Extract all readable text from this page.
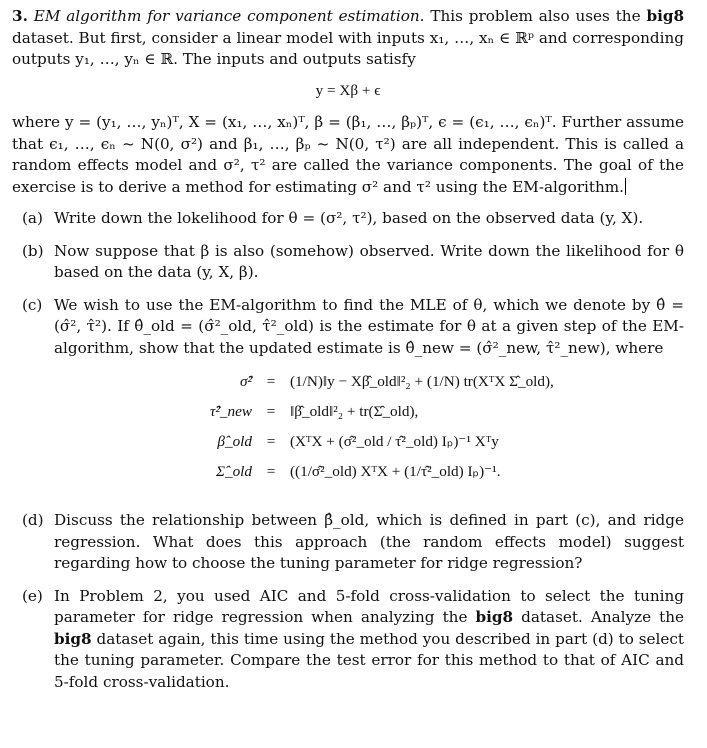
3. EM algorithm for variance component estimation. This problem also uses the big8 dataset. But first, consider a linear model with inputs x₁, …, xₙ ∈ ℝᵖ and corresponding outputs y₁, …, yₙ ∈ ℝ. The inputs and outputs satisfy

y = Xβ + ϵ

where y = (y₁, …, yₙ)ᵀ, X = (x₁, …, xₙ)ᵀ, β = (β₁, …, βₚ)ᵀ, ϵ = (ϵ₁, …, ϵₙ)ᵀ. Further assume that ϵ₁, …, ϵₙ ~ N(0, σ²) and β₁, …, βₚ ~ N(0, τ²) are all independent. This is called a random effects model and σ², τ² are called the variance components. The goal of the exercise is to derive a method for estimating σ² and τ² using the EM-algorithm.

(a) Write down the lokelihood for θ = (σ², τ²), based on the observed data (y, X).
(b) Now suppose that β is also (somehow) observed. Write down the likelihood for θ based on the data (y, X, β).
(c) We wish to use the EM-algorithm to find the MLE of θ, which we denote by θ̂ = (σ̂², τ̂²). If θ̂_old = (σ̂²_old, τ̂²_old) is the estimate for θ at a given step of the EM-algorithm, show that the updated estimate is θ̂_new = (σ̂²_new, τ̂²_new), where
σ̂² = (1/N)‖y − Xβ̂_old‖²₂ + (1/N) tr(XᵀX Σ̂_old),
τ̂²_new = ‖β̂_old‖²₂ + tr(Σ̂_old),
β̂_old = (XᵀX + (σ̂²_old / τ̂²_old) Iₚ)⁻¹ Xᵀy
Σ̂_old = ((1/σ̂²_old) XᵀX + (1/τ̂²_old) Iₚ)⁻¹.
(d) Discuss the relationship between β̂_old, which is defined in part (c), and ridge regression. What does this approach (the random effects model) suggest regarding how to choose the tuning parameter for ridge regression?
(e) In Problem 2, you used AIC and 5-fold cross-validation to select the tuning parameter for ridge regression when analyzing the big8 dataset. Analyze the big8 dataset again, this time using the method you described in part (d) to select the tuning parameter. Compare the test error for this method to that of AIC and 5-fold cross-validation.
